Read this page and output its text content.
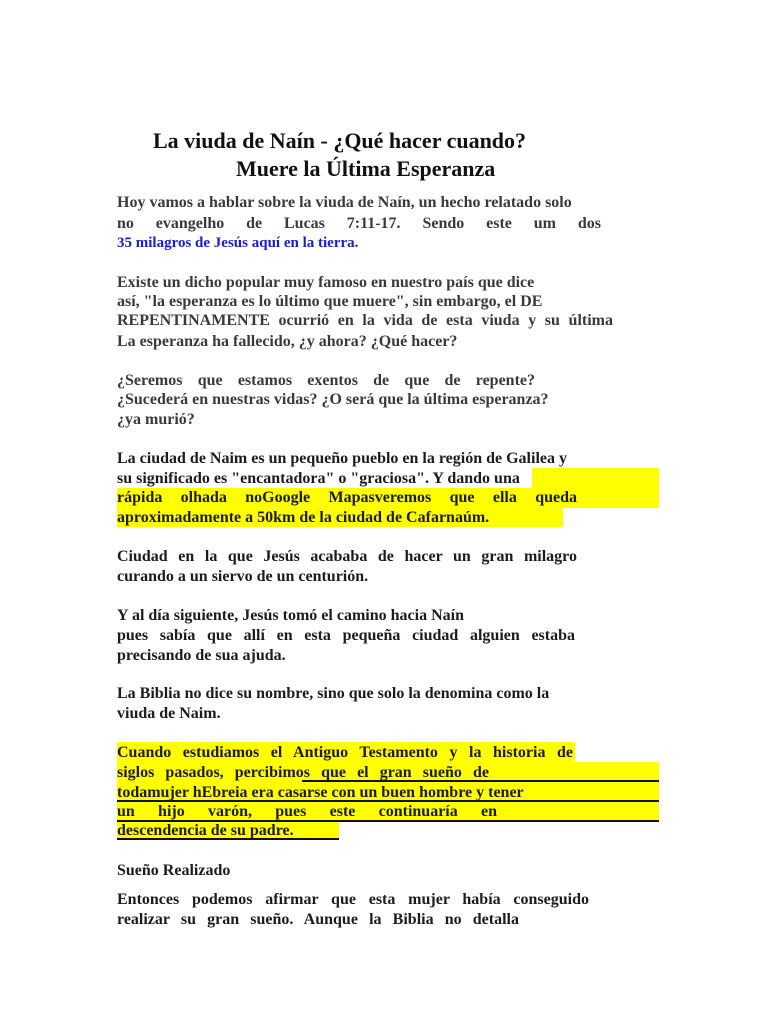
La viuda de Naín - ¿Qué hacer cuando?
Muere la Última Esperanza
Hoy vamos a hablar sobre la viuda de Naín, un hecho relatado solo
no evangelho de Lucas 7:11-17. Sendo este um dos
35 milagros de Jesús aquí en la tierra.
Existe un dicho popular muy famoso en nuestro país que dice
así, "la esperanza es lo último que muere", sin embargo, el DE
REPENTINAMENTE ocurrió en la vida de esta viuda y su última
La esperanza ha fallecido, ¿y ahora? ¿Qué hacer?
¿Seremos que estamos exentos de que de repente?
¿Sucederá en nuestras vidas? ¿O será que la última esperanza?
¿ya murió?
La ciudad de Naim es un pequeño pueblo en la región de Galilea y
su significado es "encantadora" o "graciosa". Y dando una
rápida olhada noGoogle Mapasveremos que ella queda
aproximadamente a 50km de la ciudad de Cafarnaúm.
Ciudad en la que Jesús acababa de hacer un gran milagro
curando a un siervo de un centurión.
Y al día siguiente, Jesús tomó el camino hacia Naín
pues sabía que allí en esta pequeña ciudad alguien estaba
precisando de sua ajuda.
La Biblia no dice su nombre, sino que solo la denomina como la
viuda de Naim.
Cuando estudiamos el Antiguo Testamento y la historia de
siglos pasados, percibimos que el gran sueño de
todamujer hEbreia era casarse con un buen hombre y tener
un hijo varón, pues este continuaría en
descendencia de su padre.
Sueño Realizado
Entonces podemos afirmar que esta mujer había conseguido
realizar su gran sueño. Aunque la Biblia no detalla
